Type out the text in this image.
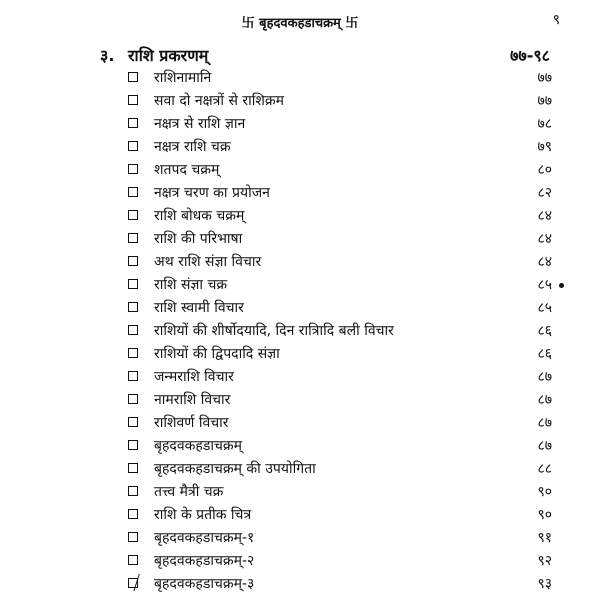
卐 बृहदवकहडाचक्रम् 卐	९
३. राशि प्रकरणम्	७७-९८
राशिनामानि	७७
सवा दो नक्षत्रों से राशिक्रम	७७
नक्षत्र से राशि ज्ञान	७८
नक्षत्र राशि चक्र	७९
शतपद चक्रम्	८०
नक्षत्र चरण का प्रयोजन	८२
राशि बोधक चक्रम्	८४
राशि की परिभाषा	८४
अथ राशि संज्ञा विचार	८४
राशि संज्ञा चक्र	८५
राशि स्वामी विचार	८५
राशियों की शीर्षोदयादि, दिन रात्रिादि बली विचार	८६
राशियों की द्विपदादि संज्ञा	८६
जन्मराशि विचार	८७
नामराशि विचार	८७
राशिवर्ण विचार	८७
बृहदवकहडाचक्रम्	८७
बृहदवकहडाचक्रम् की उपयोगिता	८८
तत्त्व मैत्री चक्र	९०
राशि के प्रतीक चित्र	९०
बृहदवकहडाचक्रम्-१	९१
बृहदवकहडाचक्रम्-२	९२
बृहदवकहडाचक्रम्-३	९३
